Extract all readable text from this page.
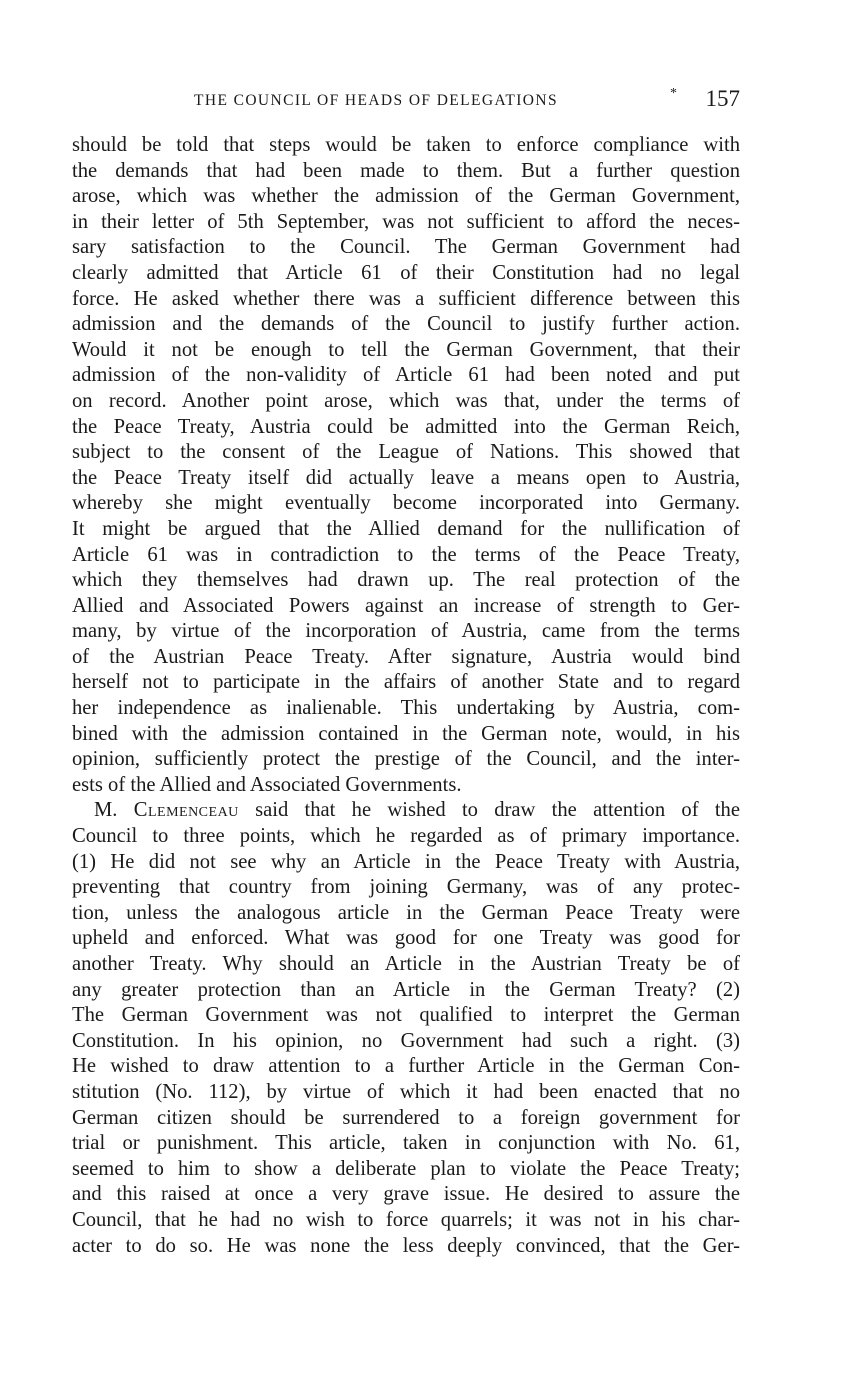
THE COUNCIL OF HEADS OF DELEGATIONS	* 157
should be told that steps would be taken to enforce compliance with
the demands that had been made to them. But a further question
arose, which was whether the admission of the German Government,
in their letter of 5th September, was not sufficient to afford the neces-
sary satisfaction to the Council. The German Government had
clearly admitted that Article 61 of their Constitution had no legal
force. He asked whether there was a sufficient difference between this
admission and the demands of the Council to justify further action.
Would it not be enough to tell the German Government, that their
admission of the non-validity of Article 61 had been noted and put
on record. Another point arose, which was that, under the terms of
the Peace Treaty, Austria could be admitted into the German Reich,
subject to the consent of the League of Nations. This showed that
the Peace Treaty itself did actually leave a means open to Austria,
whereby she might eventually become incorporated into Germany.
It might be argued that the Allied demand for the nullification of
Article 61 was in contradiction to the terms of the Peace Treaty,
which they themselves had drawn up. The real protection of the
Allied and Associated Powers against an increase of strength to Ger-
many, by virtue of the incorporation of Austria, came from the terms
of the Austrian Peace Treaty. After signature, Austria would bind
herself not to participate in the affairs of another State and to regard
her independence as inalienable. This undertaking by Austria, com-
bined with the admission contained in the German note, would, in his
opinion, sufficiently protect the prestige of the Council, and the inter-
ests of the Allied and Associated Governments.
M. Clemenceau said that he wished to draw the attention of the
Council to three points, which he regarded as of primary importance.
(1) He did not see why an Article in the Peace Treaty with Austria,
preventing that country from joining Germany, was of any protec-
tion, unless the analogous article in the German Peace Treaty were
upheld and enforced. What was good for one Treaty was good for
another Treaty. Why should an Article in the Austrian Treaty be of
any greater protection than an Article in the German Treaty? (2)
The German Government was not qualified to interpret the German
Constitution. In his opinion, no Government had such a right. (3)
He wished to draw attention to a further Article in the German Con-
stitution (No. 112), by virtue of which it had been enacted that no
German citizen should be surrendered to a foreign government for
trial or punishment. This article, taken in conjunction with No. 61,
seemed to him to show a deliberate plan to violate the Peace Treaty;
and this raised at once a very grave issue. He desired to assure the
Council, that he had no wish to force quarrels; it was not in his char-
acter to do so. He was none the less deeply convinced, that the Ger-
